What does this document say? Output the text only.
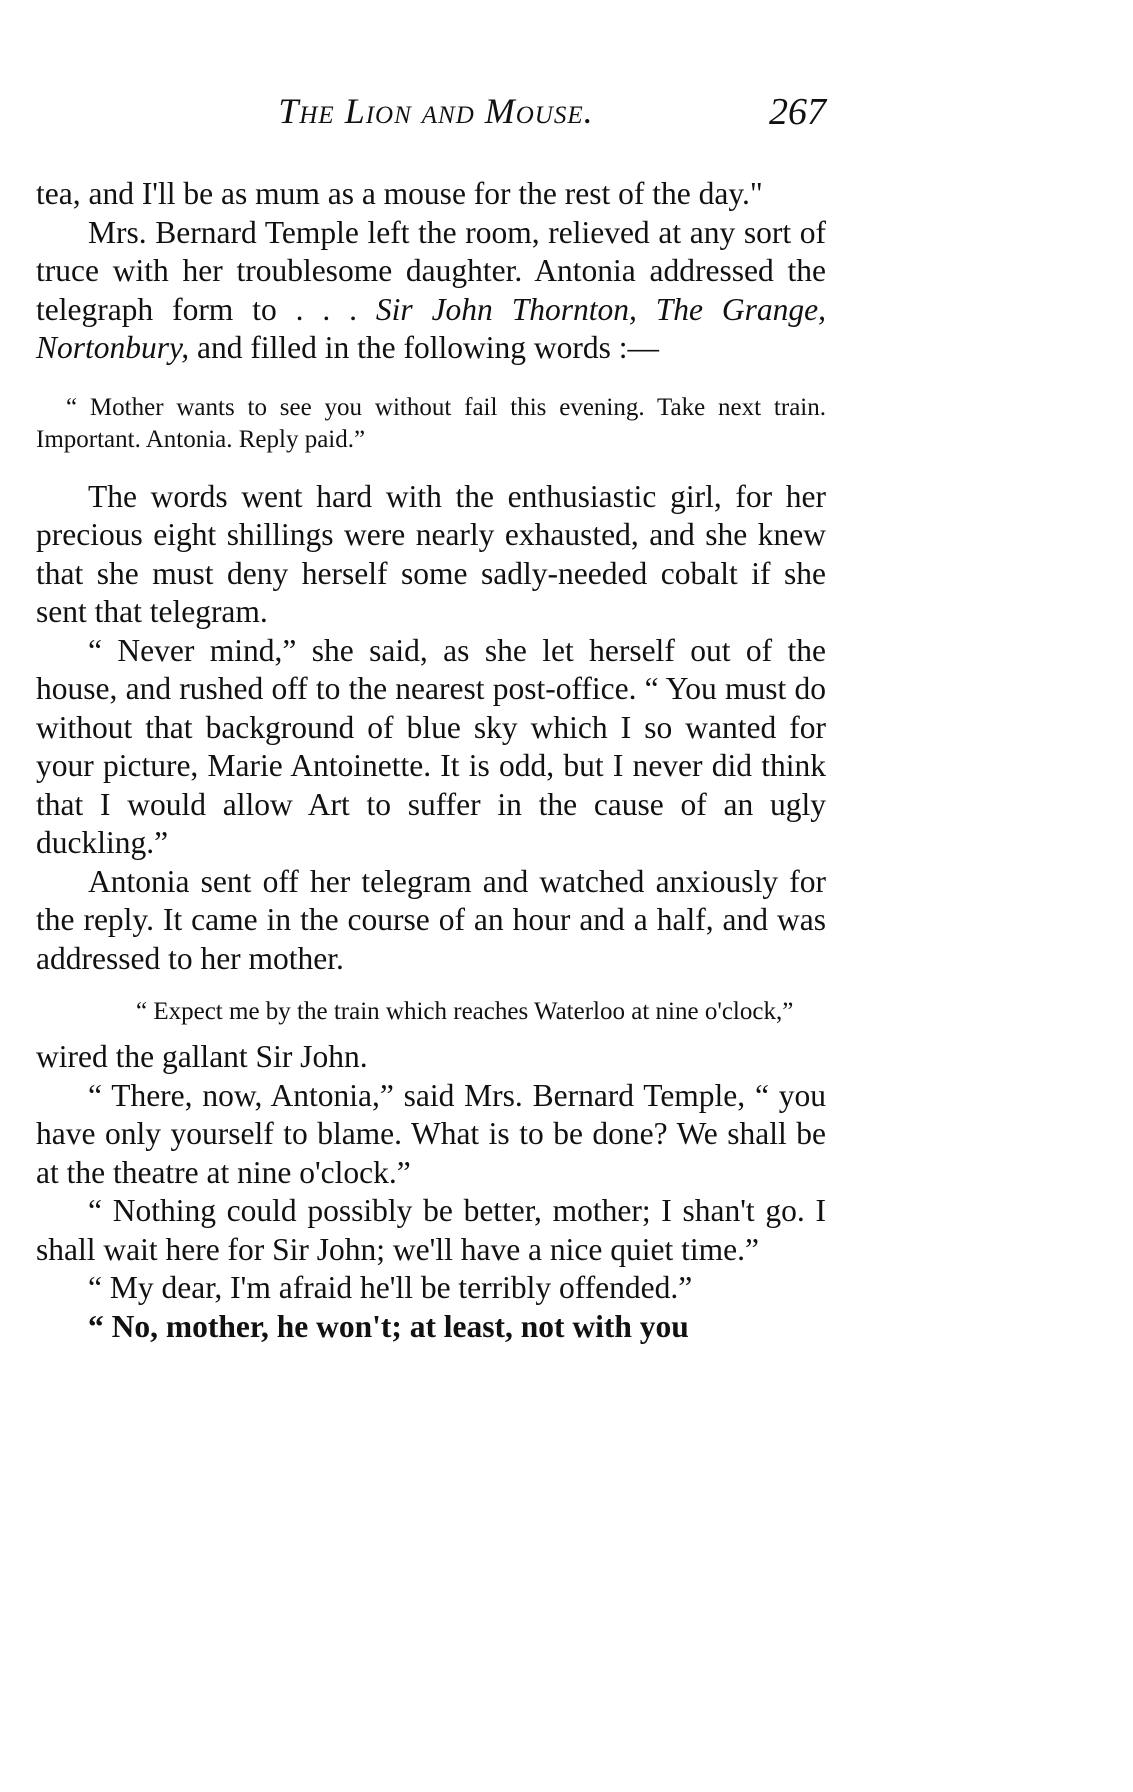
The Lion and Mouse.	267

tea, and I'll be as mum as a mouse for the rest of the day."

Mrs. Bernard Temple left the room, relieved at any sort of truce with her troublesome daughter. Antonia addressed the telegraph form to . . . Sir John Thornton, The Grange, Nortonbury, and filled in the following words :—

“ Mother wants to see you without fail this evening. Take next train. Important. Antonia. Reply paid.”

The words went hard with the enthusiastic girl, for her precious eight shillings were nearly exhausted, and she knew that she must deny herself some sadly-needed cobalt if she sent that telegram.

“ Never mind,” she said, as she let herself out of the house, and rushed off to the nearest post-office. “ You must do without that background of blue sky which I so wanted for your picture, Marie Antoinette. It is odd, but I never did think that I would allow Art to suffer in the cause of an ugly duckling.”

Antonia sent off her telegram and watched anxiously for the reply. It came in the course of an hour and a half, and was addressed to her mother.

“ Expect me by the train which reaches Waterloo at nine o'clock,”

wired the gallant Sir John.

“ There, now, Antonia,” said Mrs. Bernard Temple, “ you have only yourself to blame. What is to be done? We shall be at the theatre at nine o'clock.”

“ Nothing could possibly be better, mother; I shan't go. I shall wait here for Sir John; we'll have a nice quiet time.”

“ My dear, I'm afraid he'll be terribly offended.”

“ No, mother, he won't; at least, not with you
